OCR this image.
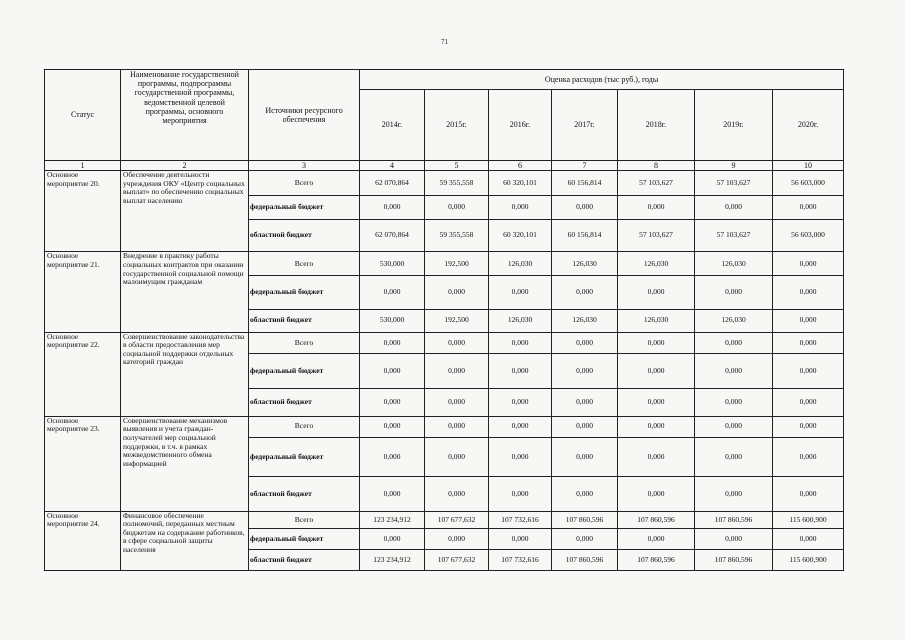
71
Статус	Наименование государственной программы, подпрограммы государственной программы, ведомственной целевой программы, основного мероприятия	Источники ресурсного обеспечения	Оценка расходов (тыс руб.), годы						
			2014г.	2015г.	2016г.	2017г.	2018г.	2019г.	2020г.
1	2	3	4	5	6	7	8	9	10
Основное мероприятие 20.	Обеспечение деятельности учреждения ОКУ «Центр социальных выплат» по обеспечению социальных выплат населению	Всего	62 070,864	59 355,558	60 320,101	60 156,814	57 103,627	57 103,627	56 603,000
		федеральный бюджет	0,000	0,000	0,000	0,000	0,000	0,000	0,000
		областной бюджет	62 070,864	59 355,558	60 320,101	60 156,814	57 103,627	57 103,627	56 603,000
Основное мероприятие 21.	Внедрение в практику работы социальных контрактов при оказании государственной социальной помощи малоимущим гражданам	Всего	530,000	192,500	126,030	126,030	126,030	126,030	0,000
		федеральный бюджет	0,000	0,000	0,000	0,000	0,000	0,000	0,000
		областной бюджет	530,000	192,500	126,030	126,030	126,030	126,030	0,000
Основное мероприятие 22.	Совершенствование законодательства в области предоставления мер социальной поддержки отдельных категорий граждан	Всего	0,000	0,000	0,000	0,000	0,000	0,000	0,000
		федеральный бюджет	0,000	0,000	0,000	0,000	0,000	0,000	0,000
		областной бюджет	0,000	0,000	0,000	0,000	0,000	0,000	0,000
Основное мероприятие 23.	Совершенствование механизмов выявления и учета граждан-получателей мер социальной поддержки, в т.ч. в рамках межведомственного обмена информацией	Всего	0,000	0,000	0,000	0,000	0,000	0,000	0,000
		федеральный бюджет	0,000	0,000	0,000	0,000	0,000	0,000	0,000
		областной бюджет	0,000	0,000	0,000	0,000	0,000	0,000	0,000
Основное мероприятие 24.	Финансовое обеспечение полномочий, переданных местным бюджетам на содержание работников, в сфере социальной защиты населения	Всего	123 234,912	107 677,632	107 732,616	107 860,596	107 860,596	107 860,596	115 600,900
		федеральный бюджет	0,000	0,000	0,000	0,000	0,000	0,000	0,000
		областной бюджет	123 234,912	107 677,632	107 732,616	107 860,596	107 860,596	107 860,596	115 600,900
